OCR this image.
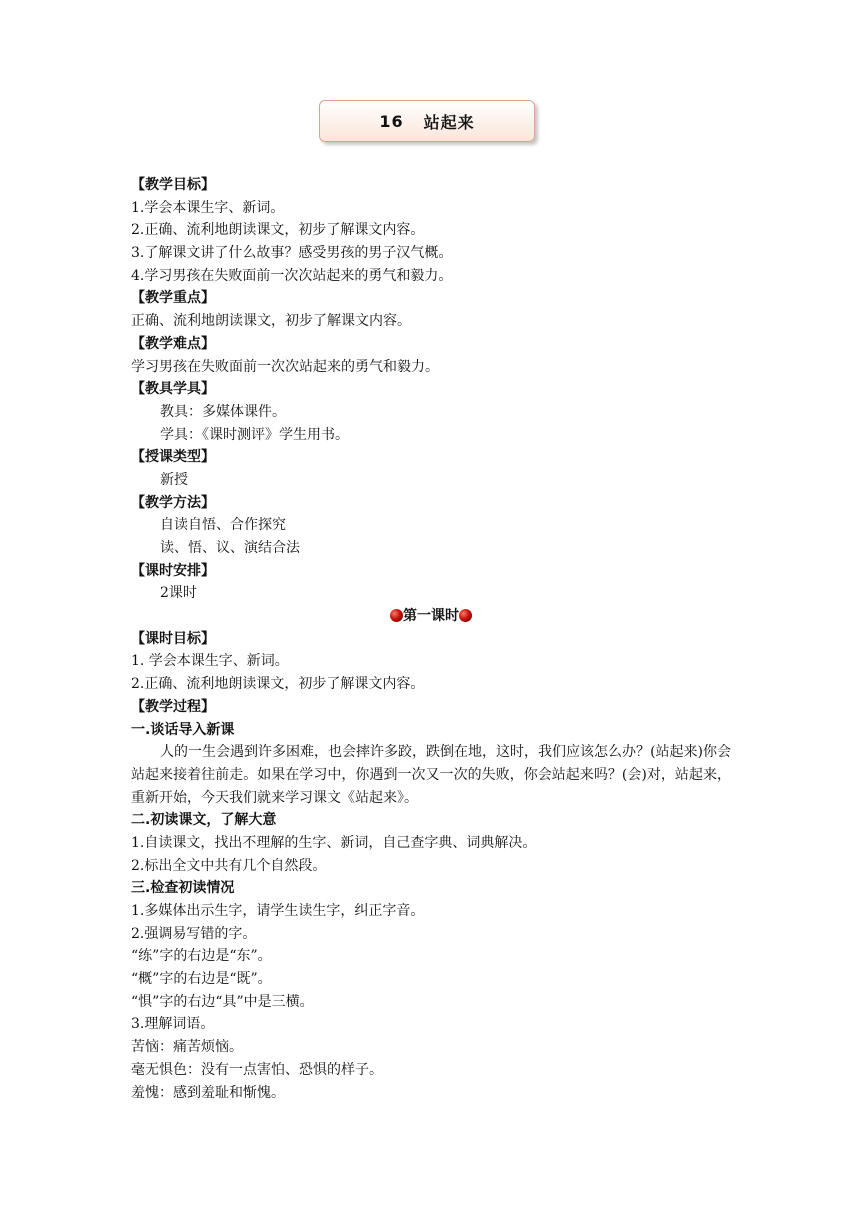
16 站起来
【教学目标】
1.学会本课生字、新词。
2.正确、流利地朗读课文，初步了解课文内容。
3.了解课文讲了什么故事？感受男孩的男子汉气概。
4.学习男孩在失败面前一次次站起来的勇气和毅力。
【教学重点】
正确、流利地朗读课文，初步了解课文内容。
【教学难点】
学习男孩在失败面前一次次站起来的勇气和毅力。
【教具学具】
教具：多媒体课件。
学具：《课时测评》学生用书。
【授课类型】
新授
【教学方法】
自读自悟、合作探究
读、悟、议、演结合法
【课时安排】
2课时
第一课时
【课时目标】
1. 学会本课生字、新词。
2.正确、流利地朗读课文，初步了解课文内容。
【教学过程】
一.谈话导入新课
人的一生会遇到许多困难，也会摔许多跤，跌倒在地，这时，我们应该怎么办？(站起来)你会站起来接着往前走。如果在学习中，你遇到一次又一次的失败，你会站起来吗？(会)对，站起来，重新开始，今天我们就来学习课文《站起来》。
二.初读课文，了解大意
1.自读课文，找出不理解的生字、新词，自己查字典、词典解决。
2.标出全文中共有几个自然段。
三.检查初读情况
1.多媒体出示生字，请学生读生字，纠正字音。
2.强调易写错的字。
“练”字的右边是“东”。
“概”字的右边是“既”。
“惧”字的右边“具”中是三横。
3.理解词语。
苦恼：痛苦烦恼。
毫无惧色：没有一点害怕、恐惧的样子。
羞愧：感到羞耻和惭愧。
